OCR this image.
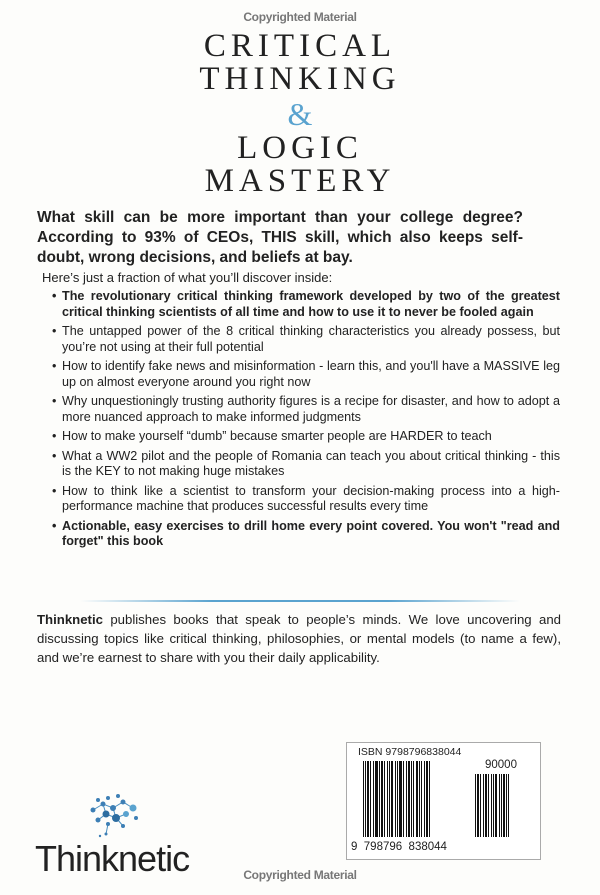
Copyrighted Material
CRITICAL
THINKING
&
LOGIC
MASTERY
What skill can be more important than your college degree? According to 93% of CEOs, THIS skill, which also keeps self-doubt, wrong decisions, and beliefs at bay.
Here’s just a fraction of what you’ll discover inside:
• The revolutionary critical thinking framework developed by two of the greatest critical thinking scientists of all time and how to use it to never be fooled again
• The untapped power of the 8 critical thinking characteristics you already possess, but you’re not using at their full potential
• How to identify fake news and misinformation - learn this, and you'll have a MASSIVE leg up on almost everyone around you right now
• Why unquestioningly trusting authority figures is a recipe for disaster, and how to adopt a more nuanced approach to make informed judgments
• How to make yourself “dumb” because smarter people are HARDER to teach
• What a WW2 pilot and the people of Romania can teach you about critical thinking - this is the KEY to not making huge mistakes
• How to think like a scientist to transform your decision-making process into a high-performance machine that produces successful results every time
• Actionable, easy exercises to drill home every point covered. You won't "read and forget" this book
Thinknetic publishes books that speak to people’s minds. We love uncovering and discussing topics like critical thinking, philosophies, or mental models (to name a few), and we’re earnest to share with you their daily applicability.
Thinknetic	Copyrighted Material
ISBN 9798796838044
9  798796  838044
90000
